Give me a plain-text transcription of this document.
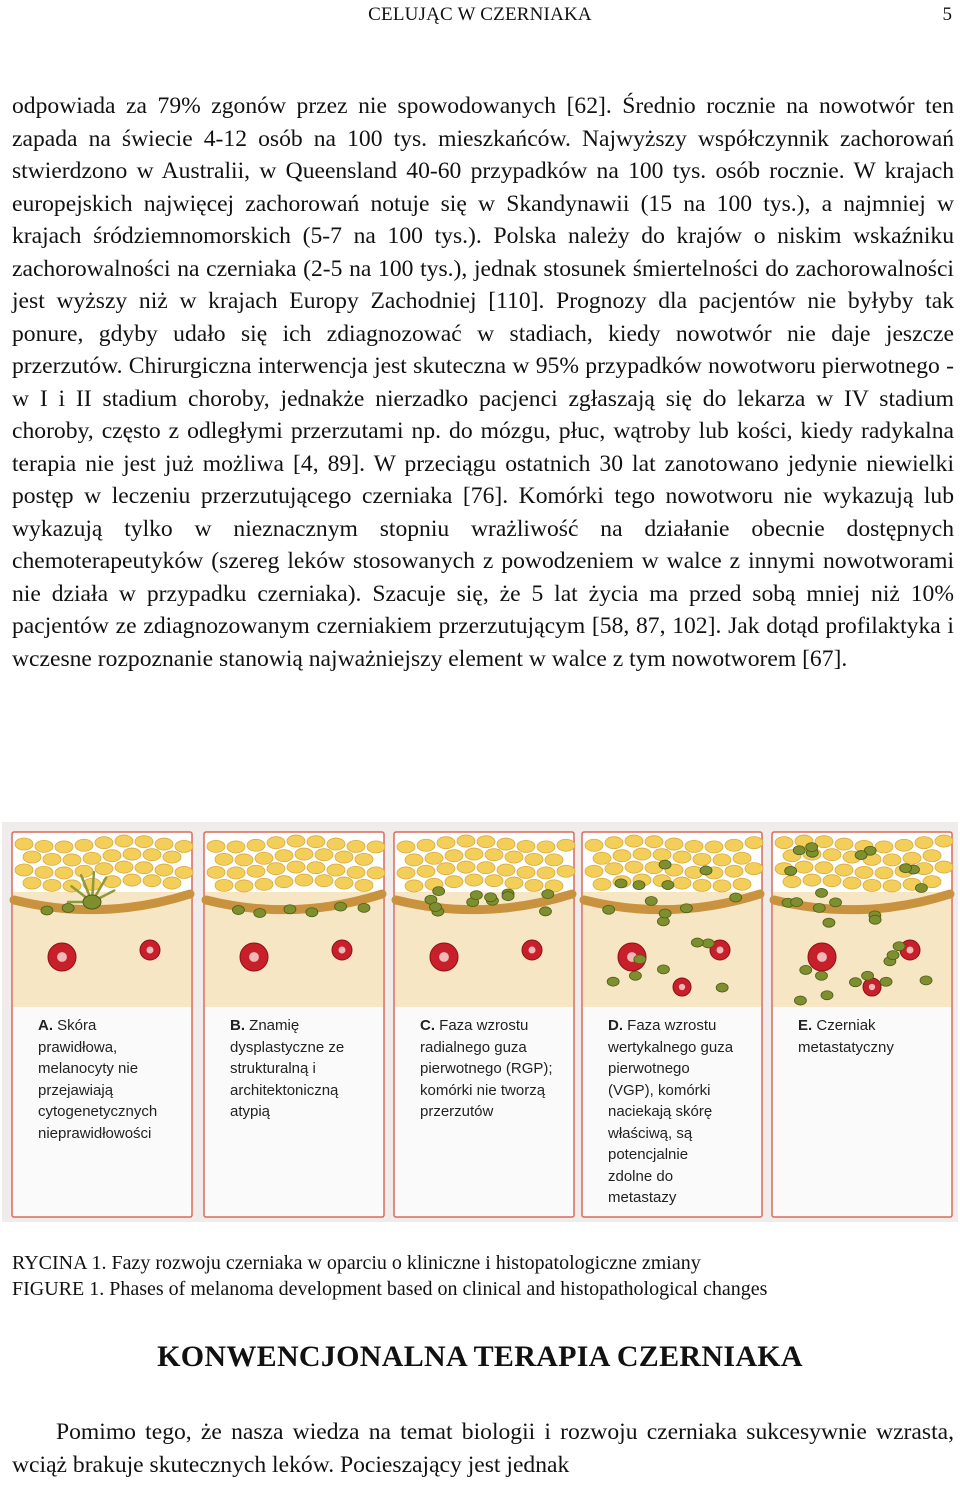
CELUJĄC W CZERNIAKA	5

odpowiada za 79% zgonów przez nie spowodowanych [62]. Średnio rocznie na nowotwór ten zapada na świecie 4-12 osób na 100 tys. mieszkańców. Najwyższy współczynnik zachorowań stwierdzono w Australii, w Queensland 40-60 przypadków na 100 tys. osób rocznie. W krajach europejskich najwięcej zachorowań notuje się w Skandynawii (15 na 100 tys.), a najmniej w krajach śródziemnomorskich (5-7 na 100 tys.). Polska należy do krajów o niskim wskaźniku zachorowalności na czerniaka (2-5 na 100 tys.), jednak stosunek śmiertelności do zachorowalności jest wyższy niż w krajach Europy Zachodniej [110]. Prognozy dla pacjentów nie byłyby tak ponure, gdyby udało się ich zdiagnozować w stadiach, kiedy nowotwór nie daje jeszcze przerzutów. Chirurgiczna interwencja jest skuteczna w 95% przypadków nowotworu pierwotnego - w I i II stadium choroby, jednakże nierzadko pacjenci zgłaszają się do lekarza w IV stadium choroby, często z odległymi przerzutami np. do mózgu, płuc, wątroby lub kości, kiedy radykalna terapia nie jest już możliwa [4, 89]. W przeciągu ostatnich 30 lat zanotowano jedynie niewielki postęp w leczeniu przerzutującego czerniaka [76]. Komórki tego nowotworu nie wykazują lub wykazują tylko w nieznacznym stopniu wrażliwość na działanie obecnie dostępnych chemoterapeutyków (szereg leków stosowanych z powodzeniem w walce z innymi nowotworami nie działa w przypadku czerniaka). Szacuje się, że 5 lat życia ma przed sobą mniej niż 10% pacjentów ze zdiagnozowanym czerniakiem przerzutującym [58, 87, 102]. Jak dotąd profilaktyka i wczesne rozpoznanie stanowią najważniejszy element w walce z tym nowotworem [67].

A. Skóra
prawidłowa,
melanocyty nie
przejawiają
cytogenetycznych
nieprawidłowości
B. Znamię
dysplastyczne ze
strukturalną i
architektoniczną
atypią
C. Faza wzrostu
radialnego guza
pierwotnego (RGP);
komórki nie tworzą
przerzutów
D. Faza wzrostu
wertykalnego guza
pierwotnego
(VGP), komórki
naciekają skórę
właściwą, są
potencjalnie
zdolne do
metastazy
E. Czerniak
metastatyczny
RYCINA 1. Fazy rozwoju czerniaka w oparciu o kliniczne i histopatologiczne zmiany
FIGURE 1. Phases of melanoma development based on clinical and histopathological changes
KONWENCJONALNA TERAPIA CZERNIAKA

Pomimo tego, że nasza wiedza na temat biologii i rozwoju czerniaka sukcesywnie wzrasta, wciąż brakuje skutecznych leków. Pocieszający jest jednak
